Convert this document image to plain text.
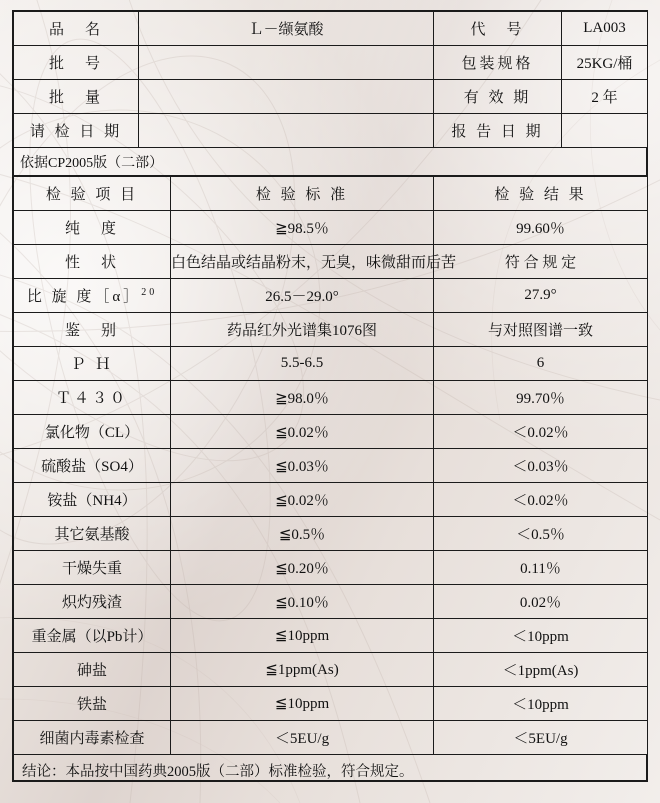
品　名	Ｌ－缬氨酸	代　号	LA003
批　号		包装规格	25KG/桶
批　量		有 效 期	2 年
请 检 日 期		报 告 日 期	
依据CP2005版（二部）
检 验 项 目	检 验 标 准	检 验 结 果
纯　度	≧98.5％	99.60％
性　状	白色结晶或结晶粉末，无臭，味微甜而后苦	符 合 规 定
比 旋 度［α］$^{20}$	26.5－29.0°	27.9°
鉴　别	药品红外光谱集1076图	与对照图谱一致
Ｐ Ｈ	5.5-6.5	6
Ｔ４３０	≧98.0％	99.70％
氯化物（CL）	≦0.02％	＜0.02％
硫酸盐（SO4）	≦0.03％	＜0.03％
铵盐（NH4）	≦0.02％	＜0.02％
其它氨基酸	≦0.5％	＜0.5％
干燥失重	≦0.20％	0.11％
炽灼残渣	≦0.10％	0.02％
重金属（以Pb计）	≦10ppm	＜10ppm
砷盐	≦1ppm(As)	＜1ppm(As)
铁盐	≦10ppm	＜10ppm
细菌内毒素检查	＜5EU/g	＜5EU/g
结论：本品按中国药典2005版（二部）标准检验，符合规定。
